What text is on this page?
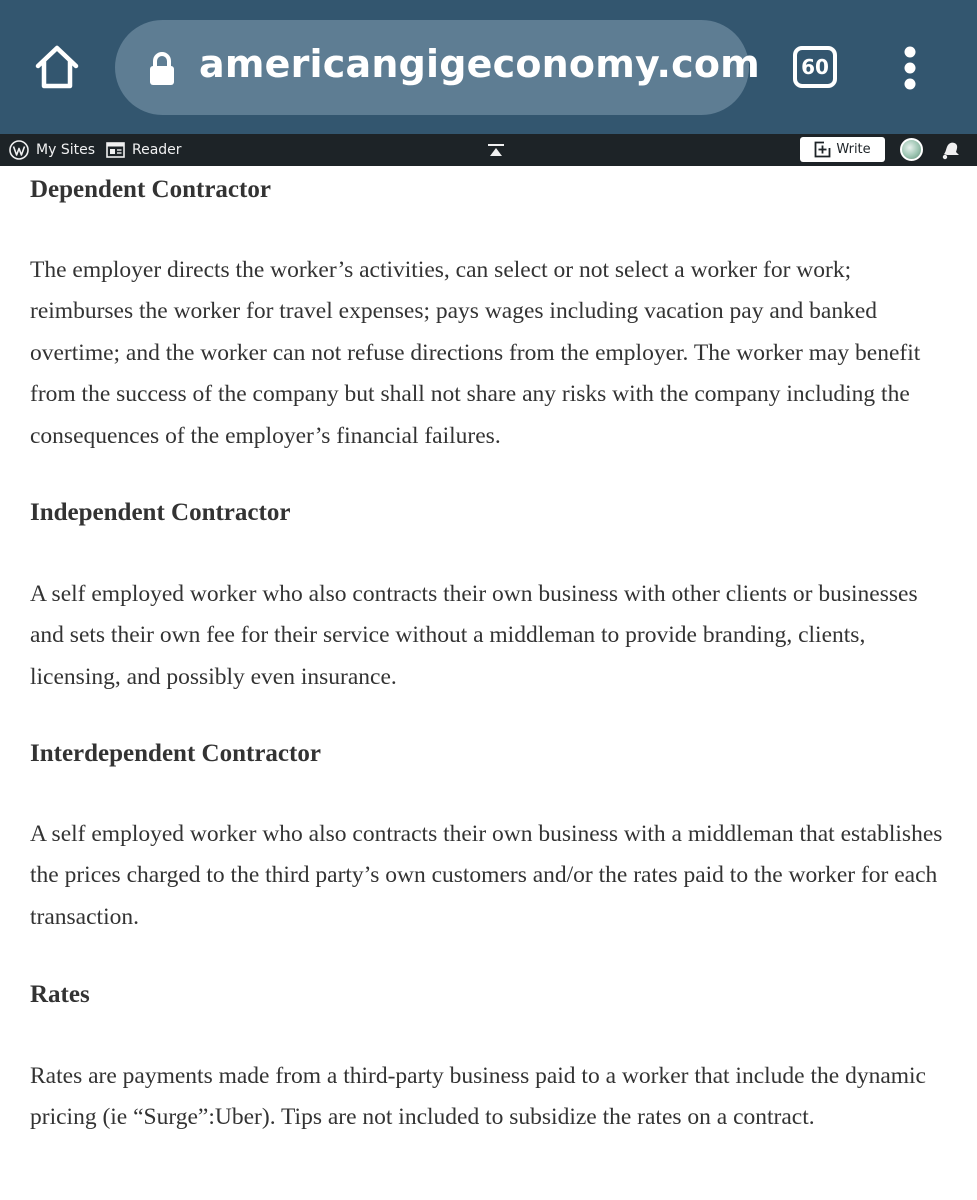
americangigeconomy.com 60
My Sites	Reader	Write
Dependent Contractor

The employer directs the worker’s activities, can select or not select a worker for work; reimburses the worker for travel expenses; pays wages including vacation pay and banked overtime; and the worker can not refuse directions from the employer. The worker may benefit from the success of the company but shall not share any risks with the company including the consequences of the employer’s financial failures.

Independent Contractor

A self employed worker who also contracts their own business with other clients or businesses and sets their own fee for their service without a middleman to provide branding, clients, licensing, and possibly even insurance.

Interdependent Contractor

A self employed worker who also contracts their own business with a middleman that establishes the prices charged to the third party’s own customers and/or the rates paid to the worker for each transaction.

Rates

Rates are payments made from a third-party business paid to a worker that include the dynamic pricing (ie “Surge”:Uber). Tips are not included to subsidize the rates on a contract.
